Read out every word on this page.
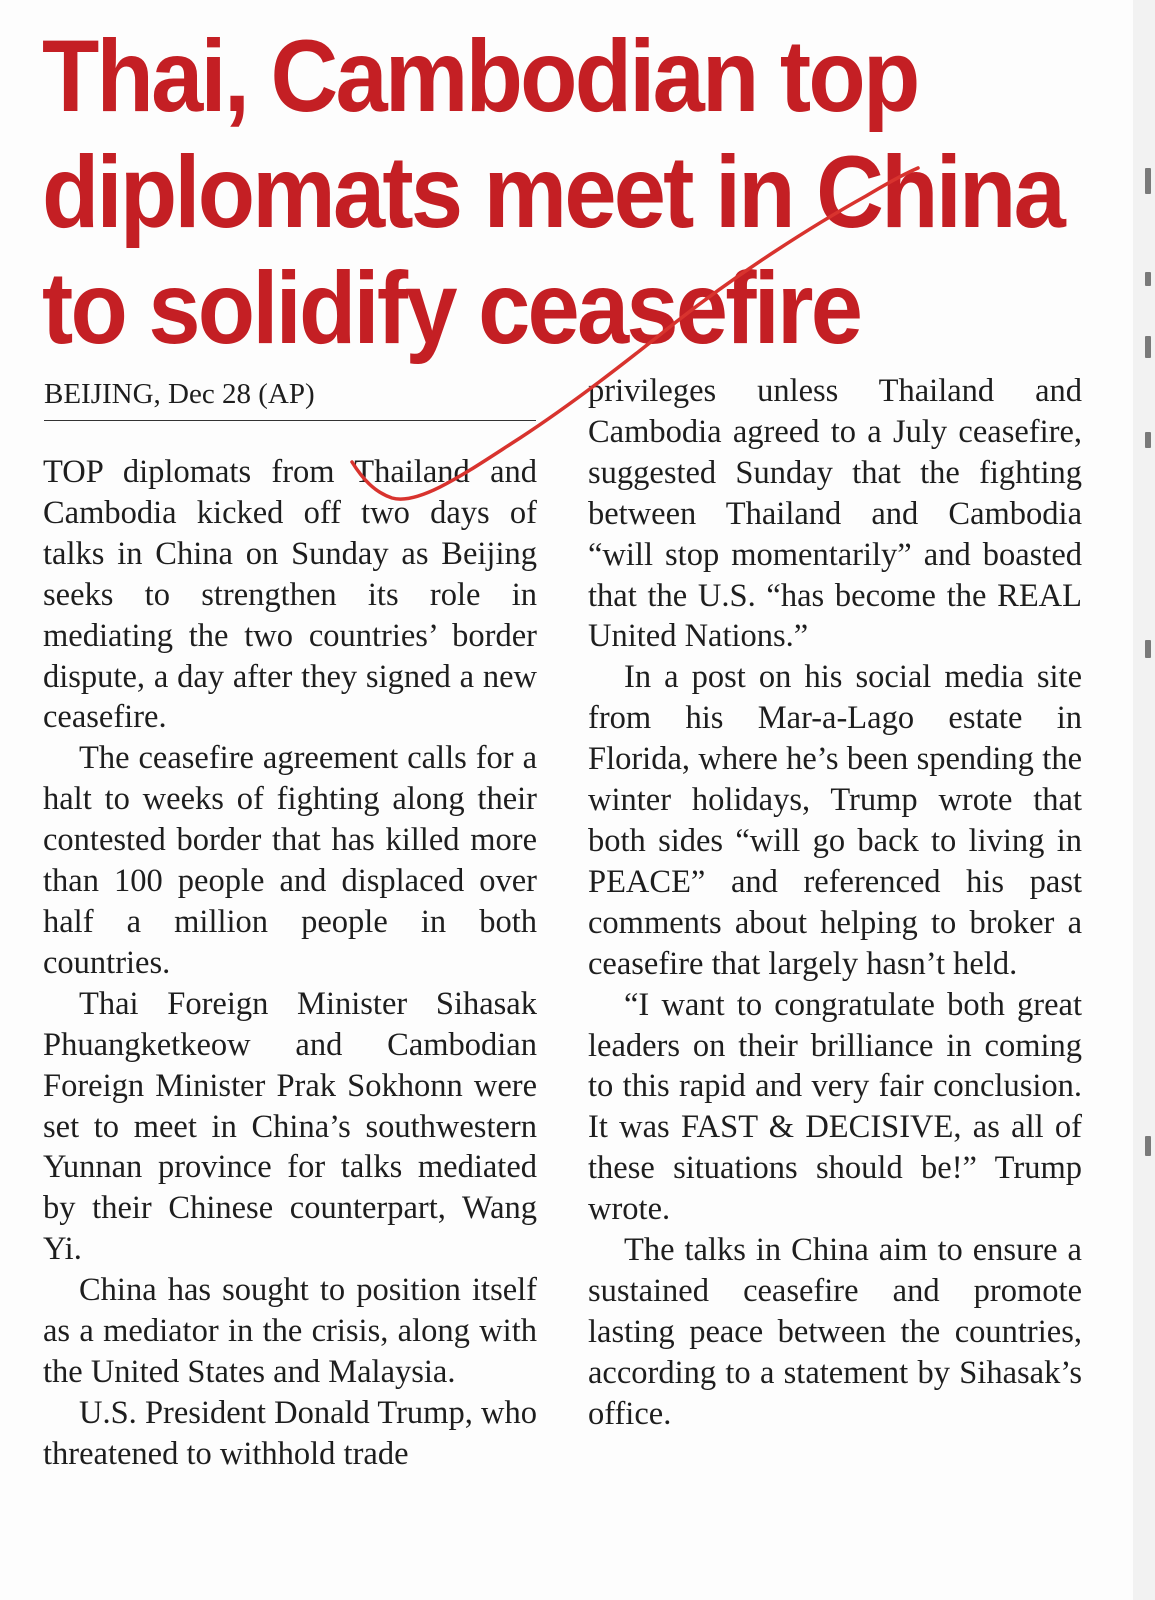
Thai, Cambodian top
diplomats meet in China
to solidify ceasefire
BEIJING, Dec 28 (AP)

TOP diplomats from Thailand and Cambodia kicked off two days of talks in China on Sunday as Beijing seeks to strengthen its role in mediating the two countries’ border dispute, a day after they signed a new ceasefire.

The ceasefire agreement calls for a halt to weeks of fighting along their contested border that has killed more than 100 people and displaced over half a million people in both countries.

Thai Foreign Minister Sihasak Phuangketkeow and Cambodian Foreign Minister Prak Sokhonn were set to meet in China’s southwestern Yunnan province for talks mediated by their Chinese counterpart, Wang Yi.

China has sought to position itself as a mediator in the crisis, along with the United States and Malaysia.

U.S. President Donald Trump, who threatened to withhold trade

privileges unless Thailand and Cambodia agreed to a July ceasefire, suggested Sunday that the fighting between Thailand and Cambodia “will stop momentarily” and boasted that the U.S. “has become the REAL United Nations.”

In a post on his social media site from his Mar-a-Lago estate in Florida, where he’s been spending the winter holidays, Trump wrote that both sides “will go back to living in PEACE” and referenced his past comments about helping to broker a ceasefire that largely hasn’t held.

“I want to congratulate both great leaders on their brilliance in coming to this rapid and very fair conclusion. It was FAST & DECISIVE, as all of these situations should be!” Trump wrote.

The talks in China aim to ensure a sustained ceasefire and promote lasting peace between the countries, according to a statement by Sihasak’s office.
